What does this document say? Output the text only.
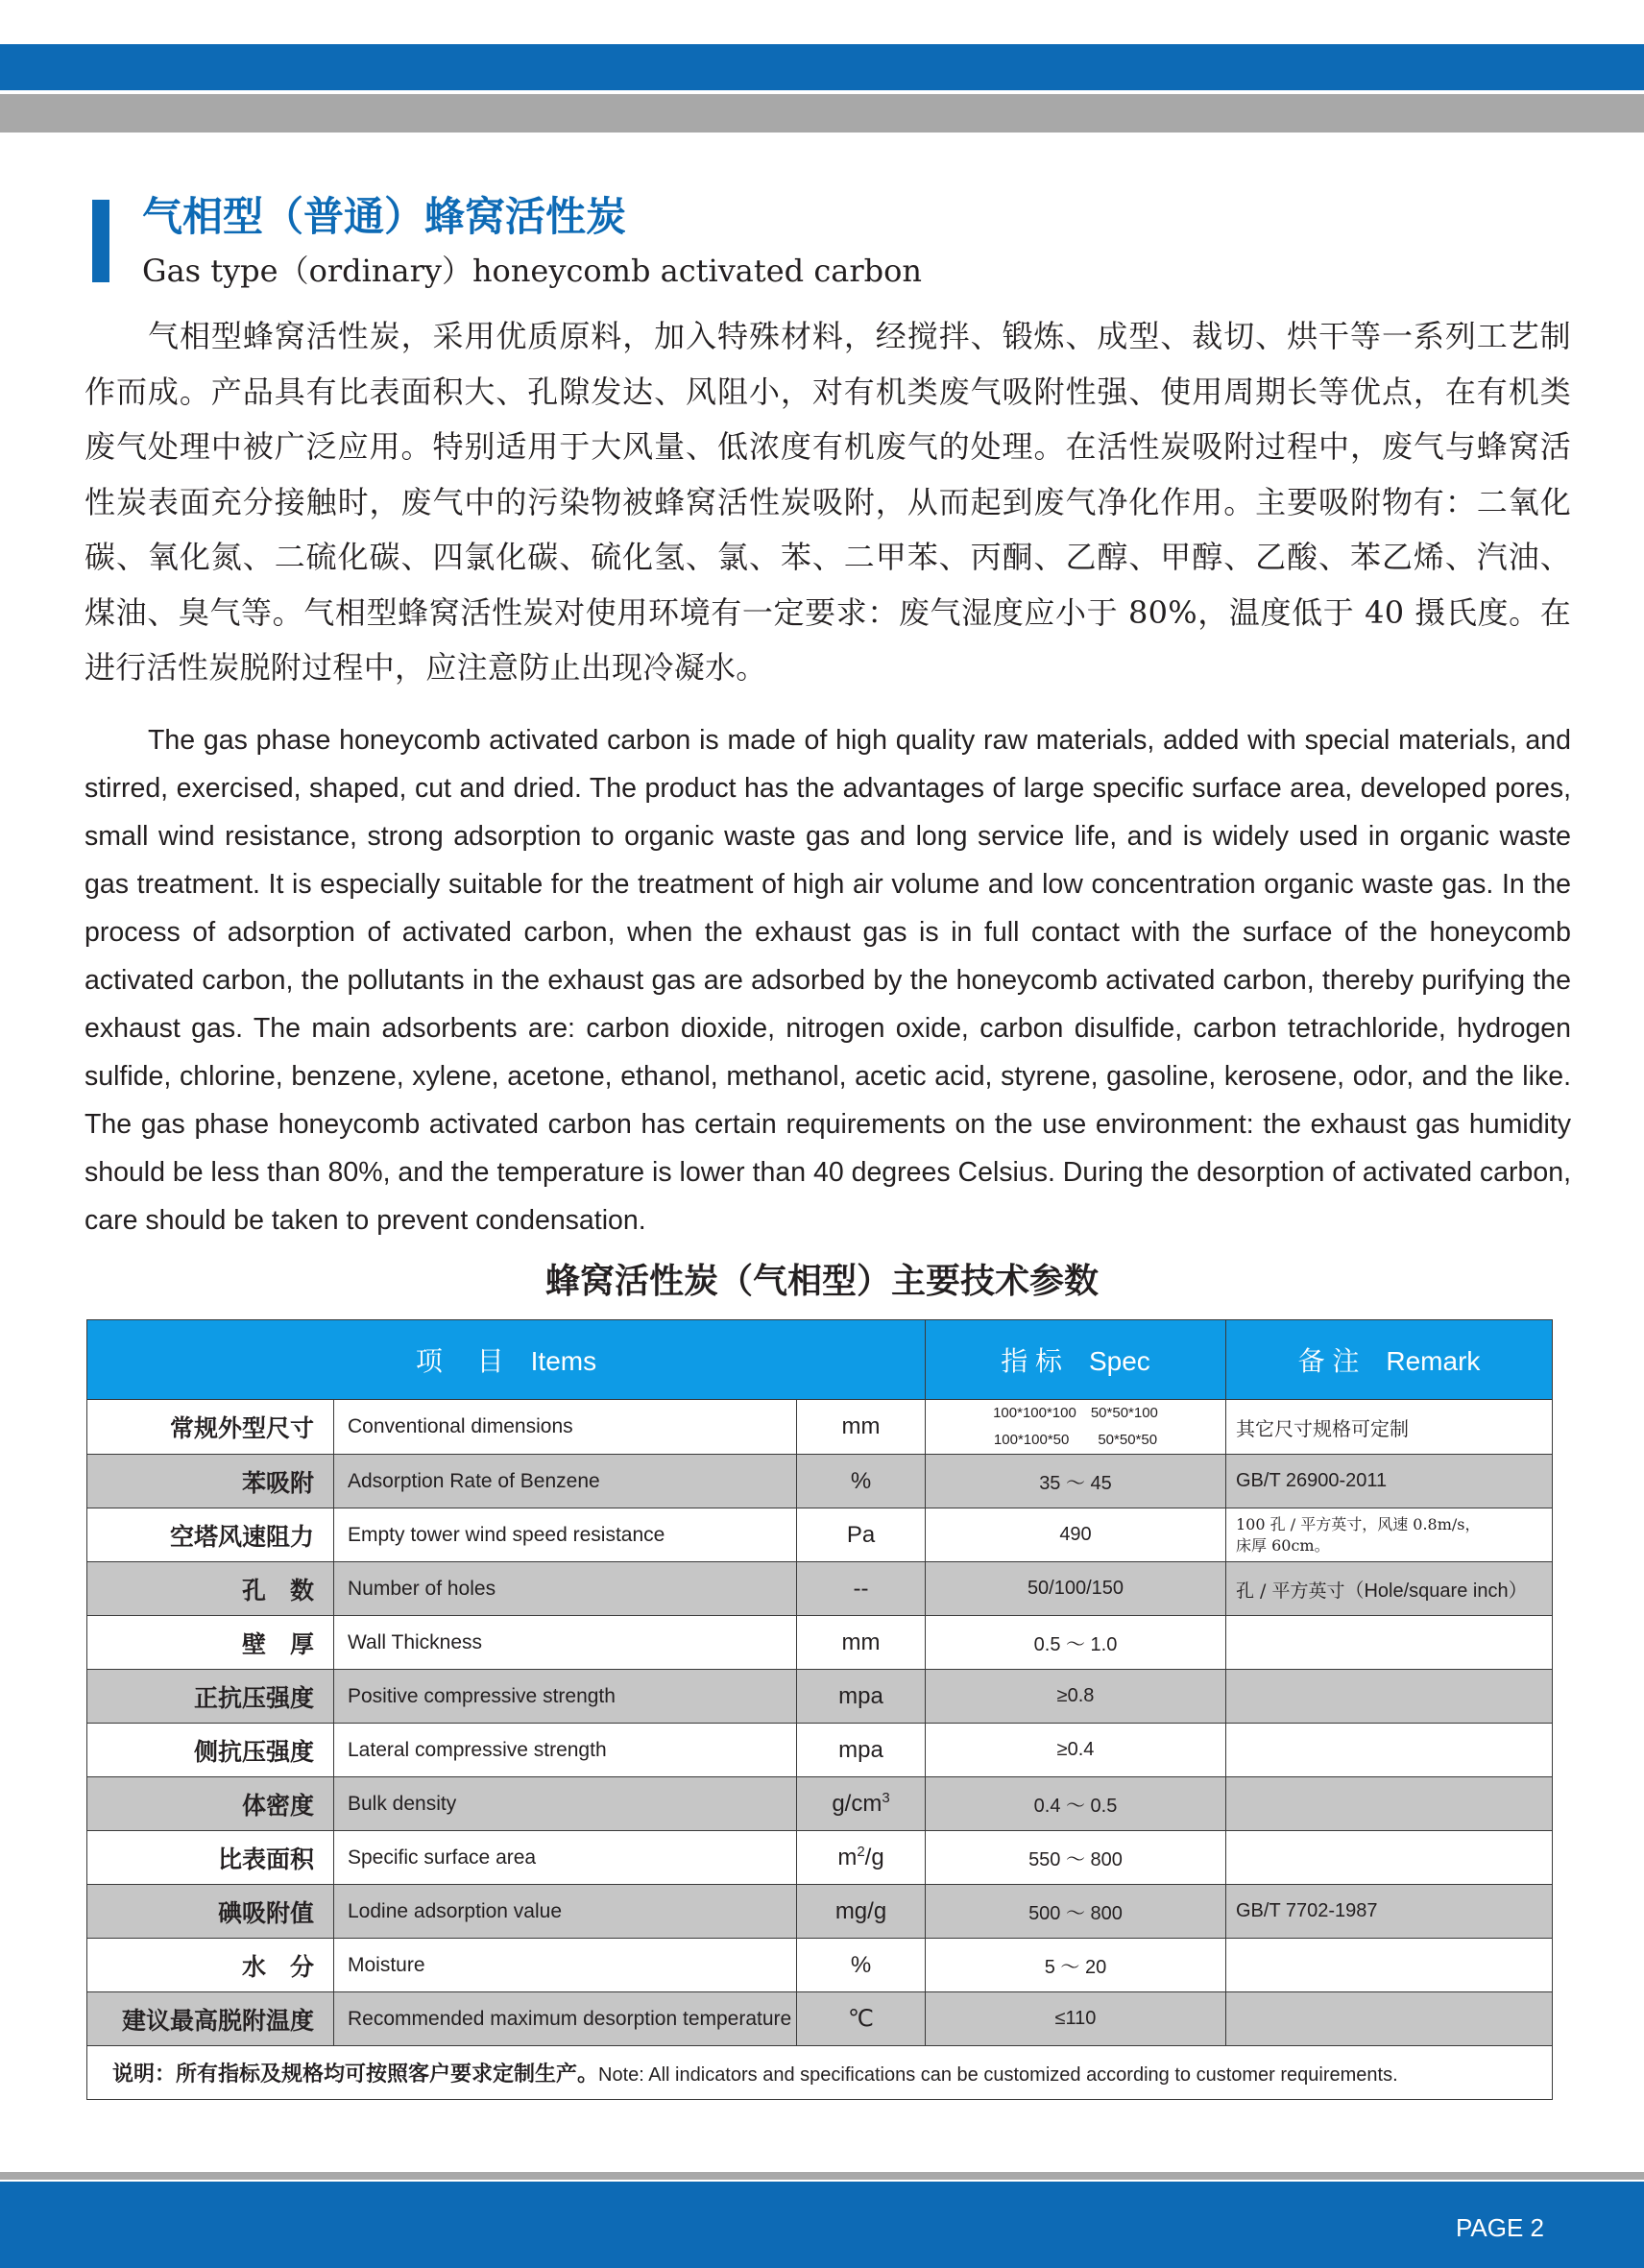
气相型（普通）蜂窝活性炭
Gas type（ordinary）honeycomb activated carbon

气相型蜂窝活性炭，采用优质原料，加入特殊材料，经搅拌、锻炼、成型、裁切、烘干等一系列工艺制作而成。产品具有比表面积大、孔隙发达、风阻小，对有机类废气吸附性强、使用周期长等优点，在有机类废气处理中被广泛应用。特别适用于大风量、低浓度有机废气的处理。在活性炭吸附过程中，废气与蜂窝活性炭表面充分接触时，废气中的污染物被蜂窝活性炭吸附，从而起到废气净化作用。主要吸附物有：二氧化碳、氧化氮、二硫化碳、四氯化碳、硫化氢、氯、苯、二甲苯、丙酮、乙醇、甲醇、乙酸、苯乙烯、汽油、煤油、臭气等。气相型蜂窝活性炭对使用环境有一定要求：废气湿度应小于 80%，温度低于 40 摄氏度。在进行活性炭脱附过程中，应注意防止出现冷凝水。

The gas phase honeycomb activated carbon is made of high quality raw materials, added with special materials, and stirred, exercised, shaped, cut and dried. The product has the advantages of large specific surface area, developed pores, small wind resistance, strong adsorption to organic waste gas and long service life, and is widely used in organic waste gas treatment. It is especially suitable for the treatment of high air volume and low concentration organic waste gas. In the process of adsorption of activated carbon, when the exhaust gas is in full contact with the surface of the honeycomb activated carbon, the pollutants in the exhaust gas are adsorbed by the honeycomb activated carbon, thereby purifying the exhaust gas. The main adsorbents are: carbon dioxide, nitrogen oxide, carbon disulfide, carbon tetrachloride, hydrogen sulfide, chlorine, benzene, xylene, acetone, ethanol, methanol, acetic acid, styrene, gasoline, kerosene, odor, and the like. The gas phase honeycomb activated carbon has certain requirements on the use environment: the exhaust gas humidity should be less than 80%, and the temperature is lower than 40 degrees Celsius. During the desorption of activated carbon, care should be taken to prevent condensation.

蜂窝活性炭（气相型）主要技术参数
项　 目　Items			指 标　Spec	备 注　Remark
常规外型尺寸	Conventional dimensions	mm	100*100*100　50*50*100
100*100*50　　50*50*50	其它尺寸规格可定制
苯吸附	Adsorption Rate of Benzene	%	35 ～ 45	GB/T 26900-2011
空塔风速阻力	Empty tower wind speed resistance	Pa	490	100 孔 / 平方英寸，风速 0.8m/s，
床厚 60cm。

孔　数	Number of holes	--	50/100/150	孔 / 平方英寸（Hole/square inch）
壁　厚	Wall Thickness	mm	0.5 ～ 1.0	
正抗压强度	Positive compressive strength	mpa	≥0.8	
侧抗压强度	Lateral compressive strength	mpa	≥0.4	
体密度	Bulk density	$g/cm^3$	0.4 ～ 0.5	
比表面积	Specific surface area	$m^2/g$	550 ～ 800	
碘吸附值	Lodine adsorption value	mg/g	500 ～ 800	GB/T 7702-1987
水　分	Moisture	%	5 ～ 20	
建议最高脱附温度	Recommended maximum desorption temperature	℃	≤110	
说明：所有指标及规格均可按照客户要求定制生产。Note: All indicators and specifications can be customized according to customer requirements.				
PAGE 2
